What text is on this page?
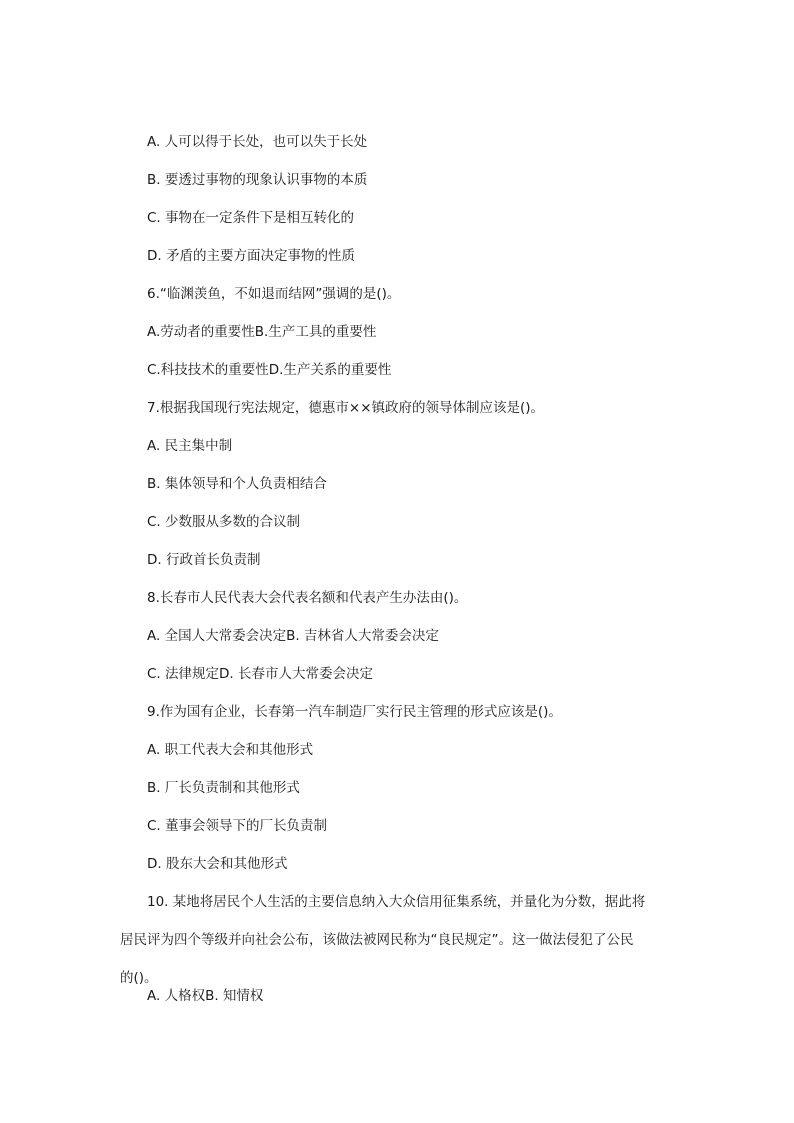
A. 人可以得于长处，也可以失于长处

B. 要透过事物的现象认识事物的本质

C. 事物在一定条件下是相互转化的

D. 矛盾的主要方面决定事物的性质

6.“临渊羡鱼，不如退而结网”强调的是()。

A.劳动者的重要性B.生产工具的重要性

C.科技技术的重要性D.生产关系的重要性

7.根据我国现行宪法规定，德惠市××镇政府的领导体制应该是()。

A. 民主集中制

B. 集体领导和个人负责相结合

C. 少数服从多数的合议制

D. 行政首长负责制

8.长春市人民代表大会代表名额和代表产生办法由()。

A. 全国人大常委会决定B. 吉林省人大常委会决定

C. 法律规定D. 长春市人大常委会决定

9.作为国有企业，长春第一汽车制造厂实行民主管理的形式应该是()。

A. 职工代表大会和其他形式

B. 厂长负责制和其他形式

C. 董事会领导下的厂长负责制

D. 股东大会和其他形式

10. 某地将居民个人生活的主要信息纳入大众信用征集系统，并量化为分数，据此将
居民评为四个等级并向社会公布，该做法被网民称为“良民规定”。这一做法侵犯了公民
的()。

A. 人格权B. 知情权
